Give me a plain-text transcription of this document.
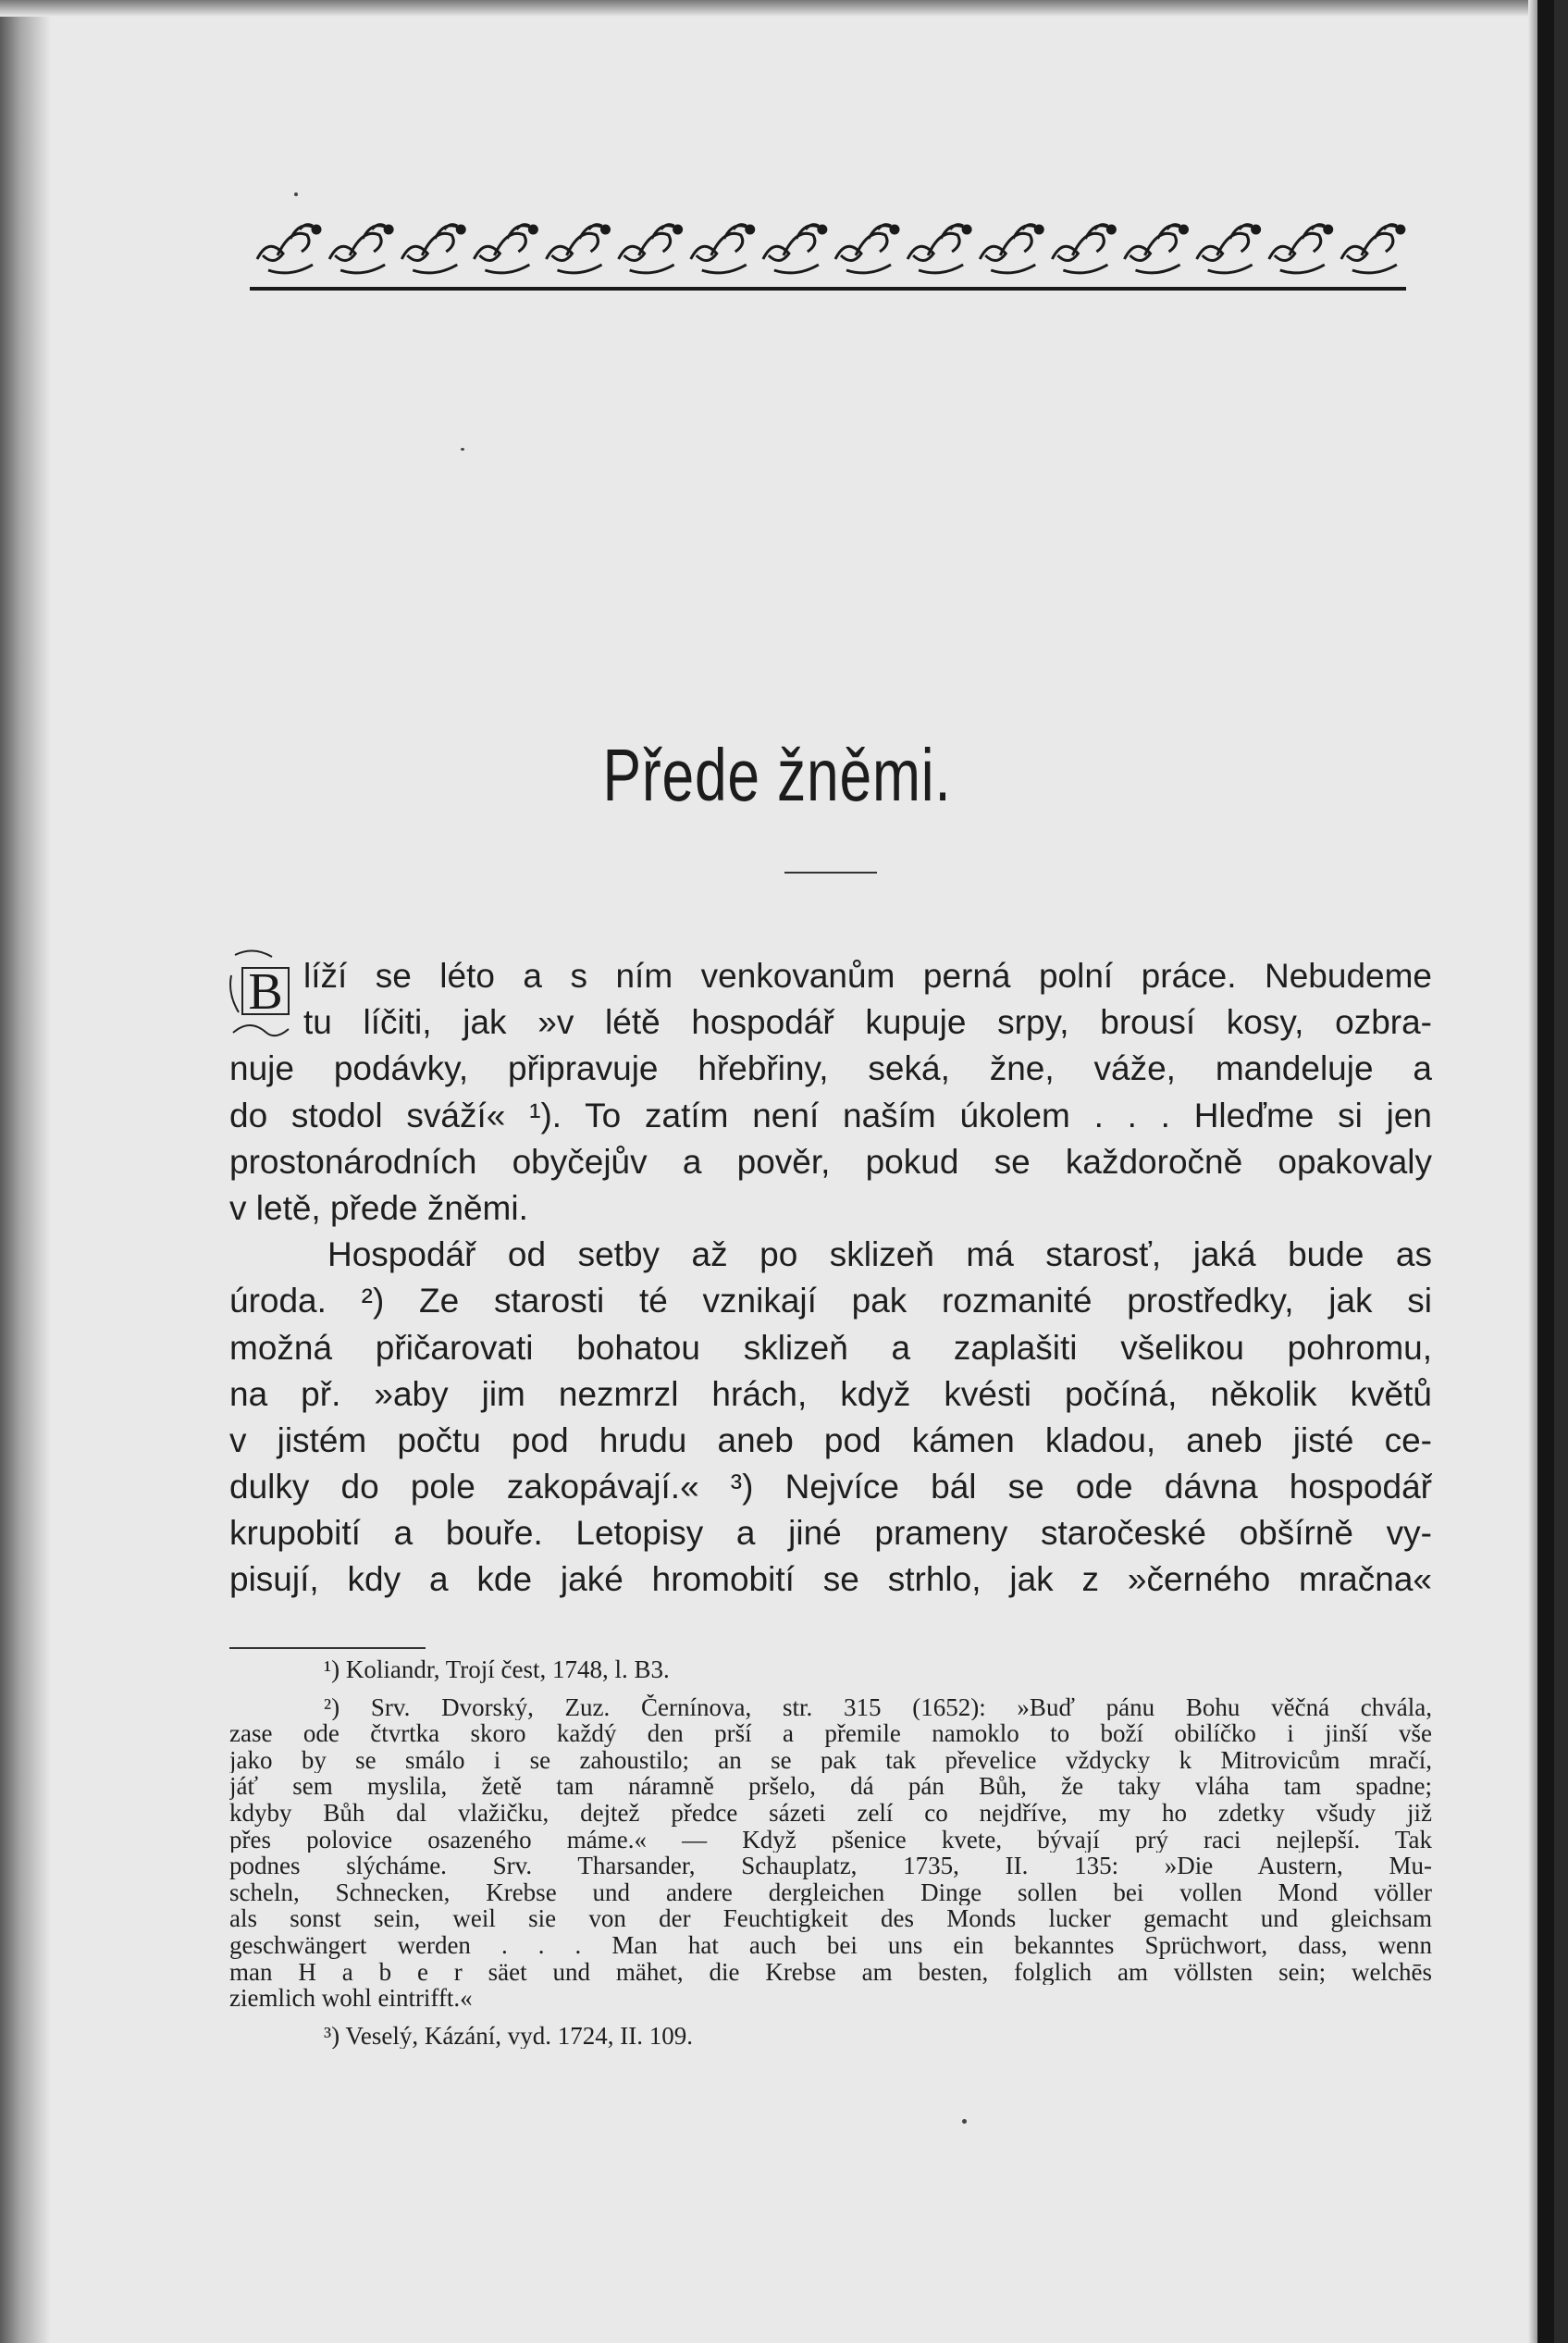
Přede žněmi.
B líží se léto a s ním venkovanům perná polní práce. Nebudeme
tu líčiti, jak »v létě hospodář kupuje srpy, brousí kosy, ozbra-
nuje podávky, připravuje hřebřiny, seká, žne, váže, mandeluje a
do stodol sváží« ¹). To zatím není naším úkolem . . . Hleďme si jen
prostonárodních obyčejův a pověr, pokud se každoročně opakovaly
v letě, přede žněmi.
Hospodář od setby až po sklizeň má starosť, jaká bude as
úroda. ²) Ze starosti té vznikají pak rozmanité prostředky, jak si
možná přičarovati bohatou sklizeň a zaplašiti všelikou pohromu,
na př. »aby jim nezmrzl hrách, když kvésti počíná, několik květů
v jistém počtu pod hrudu aneb pod kámen kladou, aneb jisté ce-
dulky do pole zakopávají.« ³) Nejvíce bál se ode dávna hospodář
krupobití a bouře. Letopisy a jiné prameny staročeské obšírně vy-
pisují, kdy a kde jaké hromobití se strhlo, jak z »černého mračna«
¹) Koliandr, Trojí čest, 1748, l. B3.
²) Srv. Dvorský, Zuz. Černínova, str. 315 (1652): »Buď pánu Bohu věčná chvála,
zase ode čtvrtka skoro každý den prší a přemile namoklo to boží obilíčko i jinší vše
jako by se smálo i se zahoustilo; an se pak tak převelice vždycky k Mitrovicům mračí,
jáť sem myslila, žetě tam náramně pršelo, dá pán Bůh, že taky vláha tam spadne;
kdyby Bůh dal vlažičku, dejtež předce sázeti zelí co nejdříve, my ho zdetky všudy již
přes polovice osazeného máme.« — Když pšenice kvete, bývají prý raci nejlepší. Tak
podnes slýcháme. Srv. Tharsander, Schauplatz, 1735, II. 135: »Die Austern, Mu-
scheln, Schnecken, Krebse und andere dergleichen Dinge sollen bei vollen Mond völler
als sonst sein, weil sie von der Feuchtigkeit des Monds lucker gemacht und gleichsam
geschwängert werden . . . Man hat auch bei uns ein bekanntes Sprüchwort, dass, wenn
man H a b e r säet und mähet, die Krebse am besten, folglich am völlsten sein; welchēs
ziemlich wohl eintrifft.«
³) Veselý, Kázání, vyd. 1724, II. 109.
